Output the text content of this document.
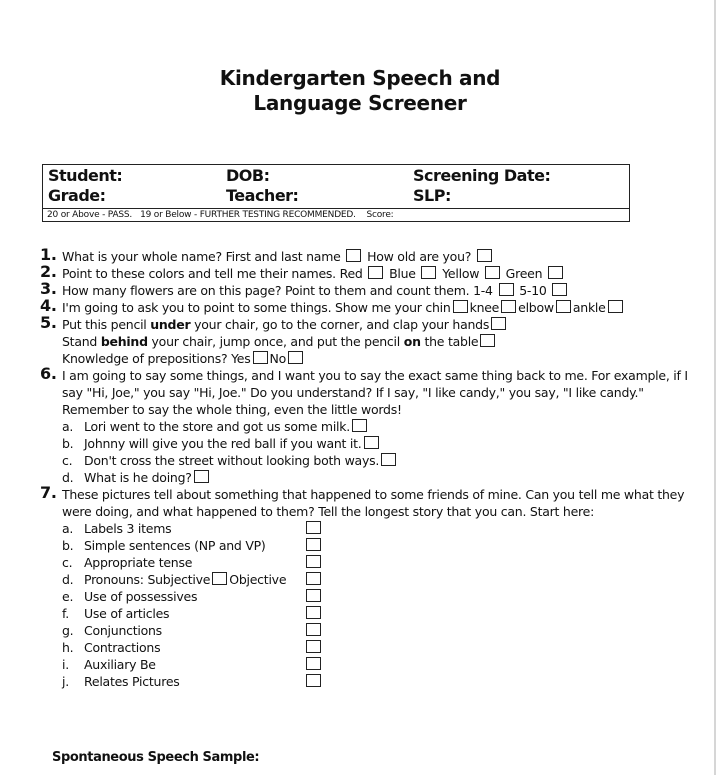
Kindergarten Speech and
Language Screener
Student:	DOB:	Screening Date:
Grade:	Teacher:	SLP:
20 or Above - PASS.   19 or Below - FURTHER TESTING RECOMMENDED.    Score:
1. What is your whole name? First and last name How old are you?
2. Point to these colors and tell me their names. Red Blue Yellow Green
3. How many flowers are on this page? Point to them and count them. 1-4 5-10
4. I'm going to ask you to point to some things. Show me your chin knee elbow ankle
5. Put this pencil under your chair, go to the corner, and clap your hands
Stand behind your chair, jump once, and put the pencil on the table
Knowledge of prepositions? Yes No
6. I am going to say some things, and I want you to say the exact same thing back to me. For example, if I say "Hi, Joe," you say "Hi, Joe." Do you understand? If I say, "I like candy," you say, "I like candy." Remember to say the whole thing, even the little words!
a. Lori went to the store and got us some milk.
b. Johnny will give you the red ball if you want it.
c. Don't cross the street without looking both ways.
d. What is he doing?
7. These pictures tell about something that happened to some friends of mine. Can you tell me what they were doing, and what happened to them? Tell the longest story that you can. Start here:
a. Labels 3 items
b. Simple sentences (NP and VP)
c. Appropriate tense
d. Pronouns: Subjective Objective
e. Use of possessives
f. Use of articles
g. Conjunctions
h. Contractions
i. Auxiliary Be
j. Relates Pictures
Spontaneous Speech Sample:
